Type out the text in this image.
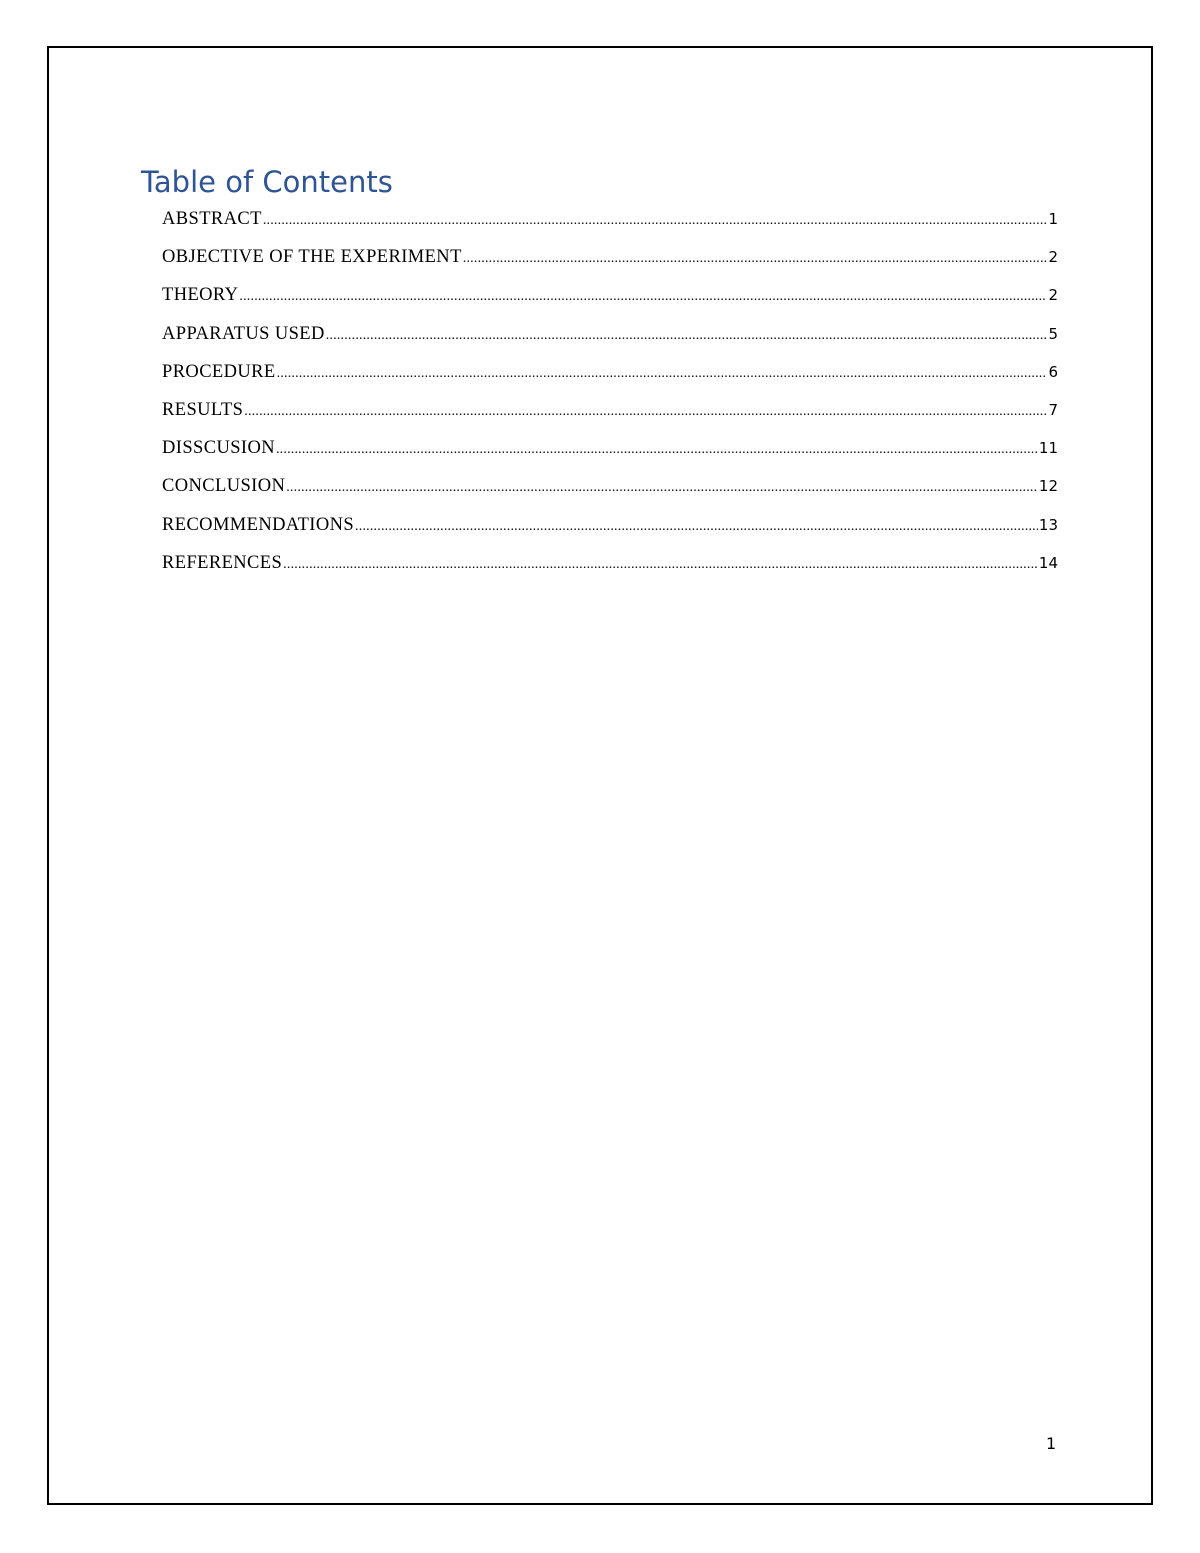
Table of Contents
ABSTRACT .....	1
OBJECTIVE OF THE EXPERIMENT .....	2
THEORY .....	2
APPARATUS USED .....	5
PROCEDURE .....	6
RESULTS .....	7
DISSCUSION .....	11
CONCLUSION .....	12
RECOMMENDATIONS .....	13
REFERENCES .....	14
1
